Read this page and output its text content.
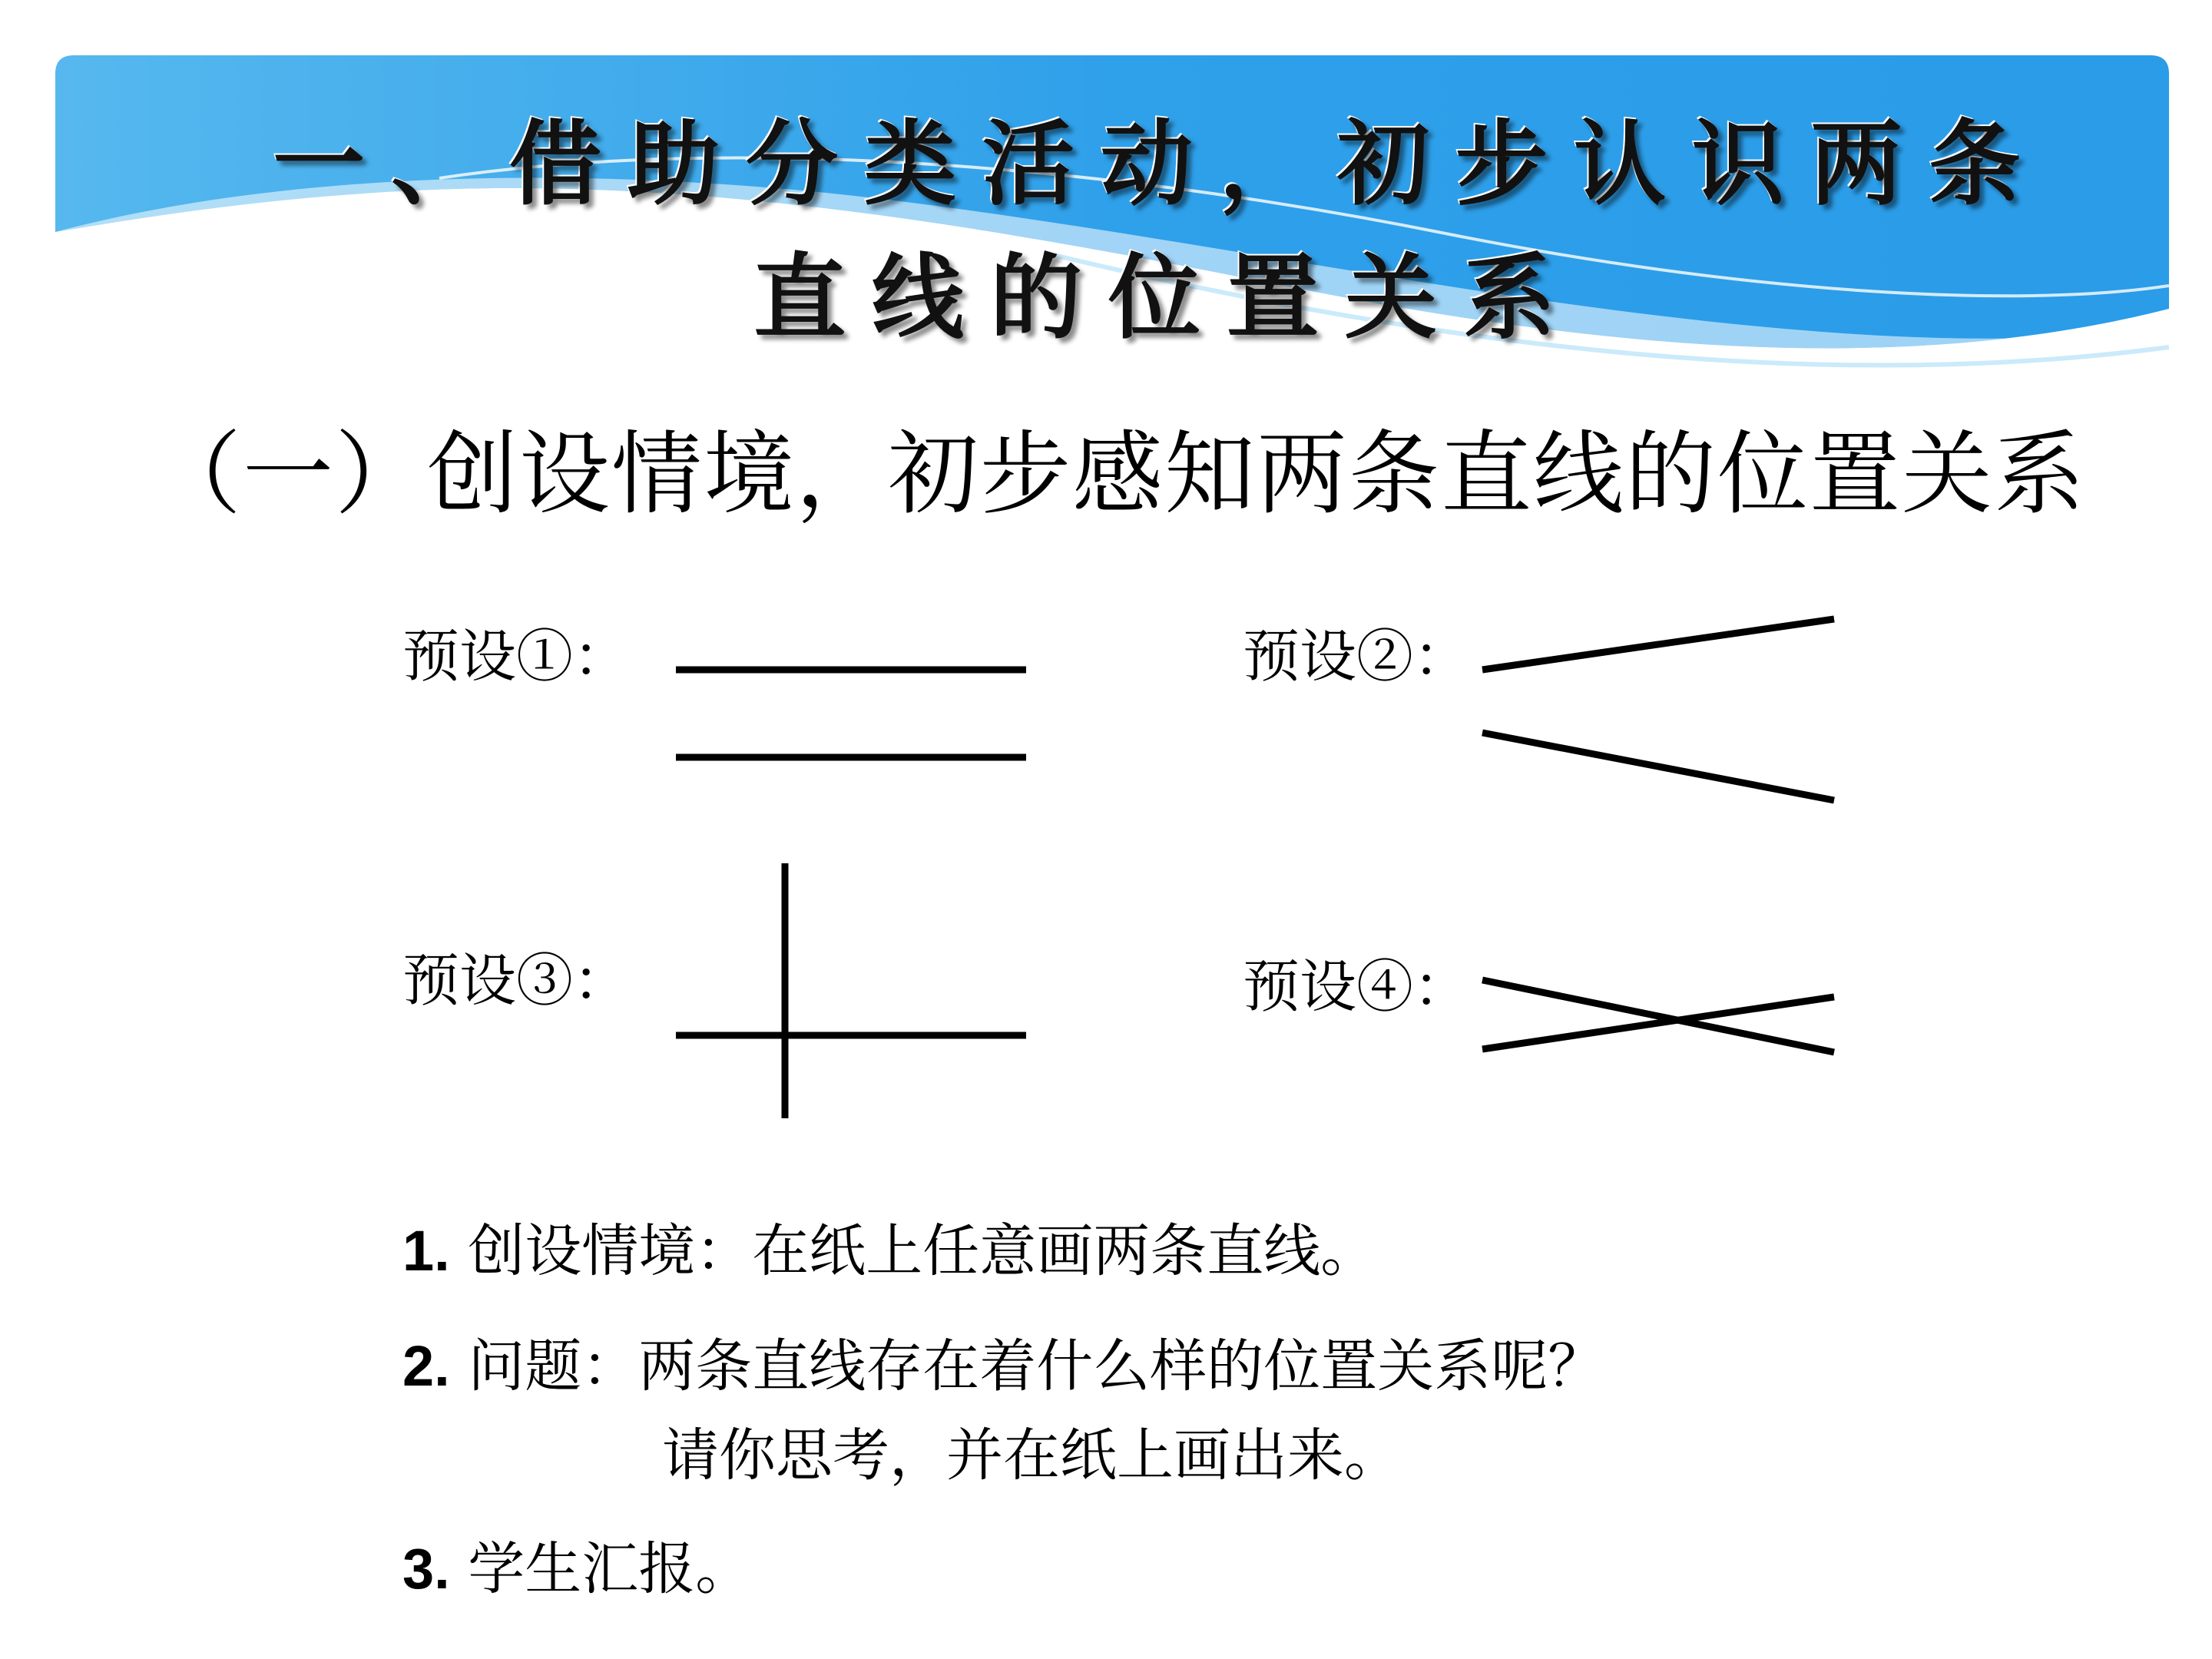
一、借助分类活动，初步认识两条
直线的位置关系
（一）创设情境，初步感知两条直线的位置关系
预设①：	预设②：
预设③：	预设④：
1. 创设情境：在纸上任意画两条直线。
2. 问题：两条直线存在着什么样的位置关系呢？
请你思考，并在纸上画出来。
3. 学生汇报。
